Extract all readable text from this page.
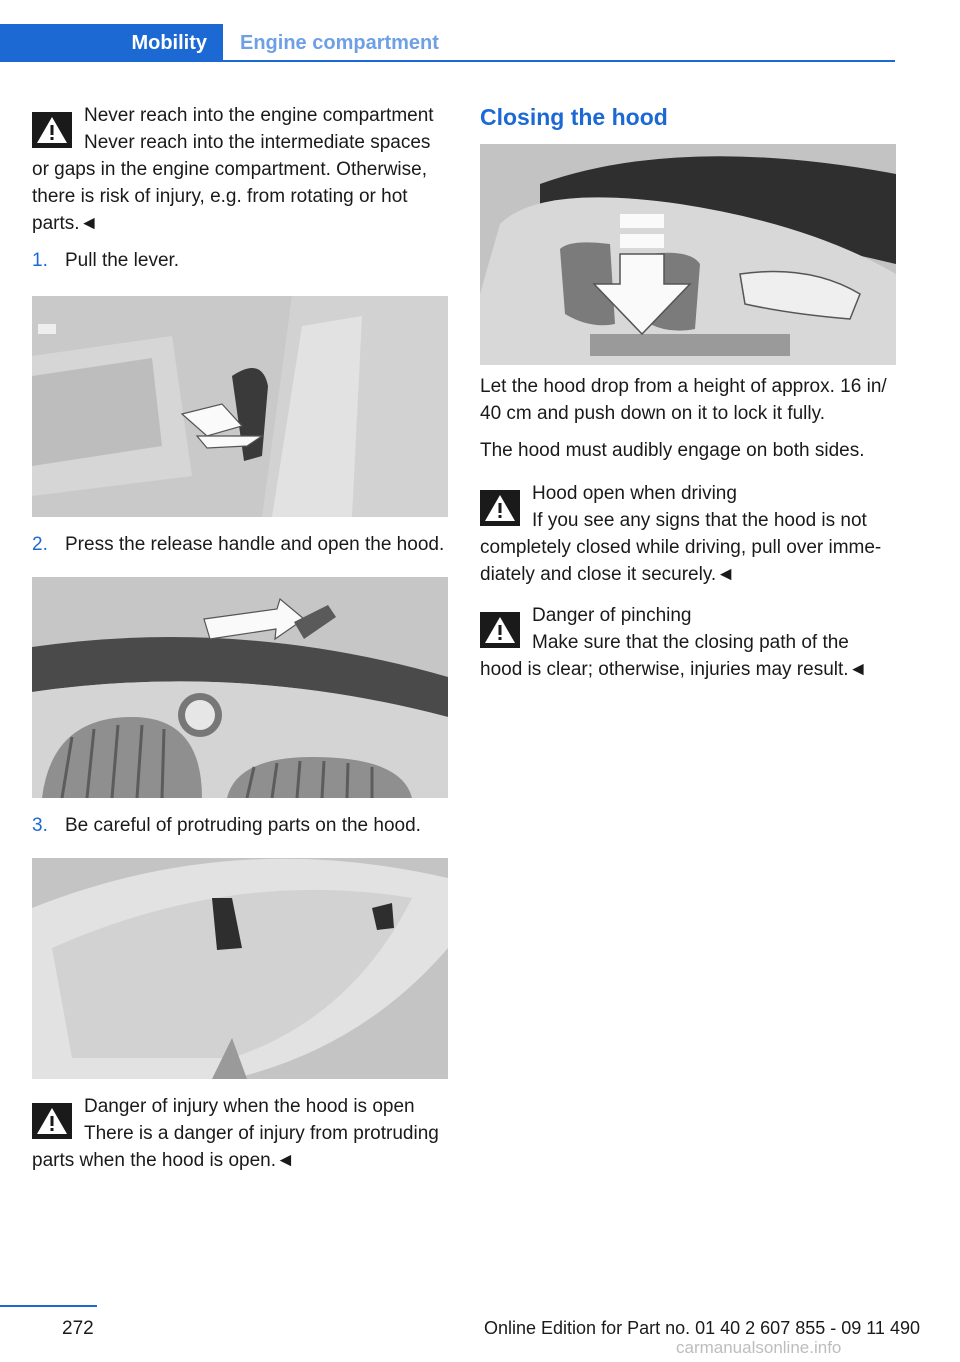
Mobility	Engine compartment
Never reach into the engine compartment
Never reach into the intermediate spaces
or gaps in the engine compartment. Otherwise, there is risk of injury, e.g. from rotating or hot parts.◄
1. Pull the lever.
2. Press the release handle and open the hood.
3. Be careful of protruding parts on the hood.
Danger of injury when the hood is open
There is a danger of injury from protruding
parts when the hood is open.◄
Closing the hood

Let the hood drop from a height of approx. 16 in/ 40 cm and push down on it to lock it fully.

The hood must audibly engage on both sides.

Hood open when driving
If you see any signs that the hood is not
completely closed while driving, pull over imme‐ diately and close it securely.◄
Danger of pinching
Make sure that the closing path of the
hood is clear; otherwise, injuries may result.◄
272	Online Edition for Part no. 01 40 2 607 855 - 09 11 490
carmanualsonline.info
